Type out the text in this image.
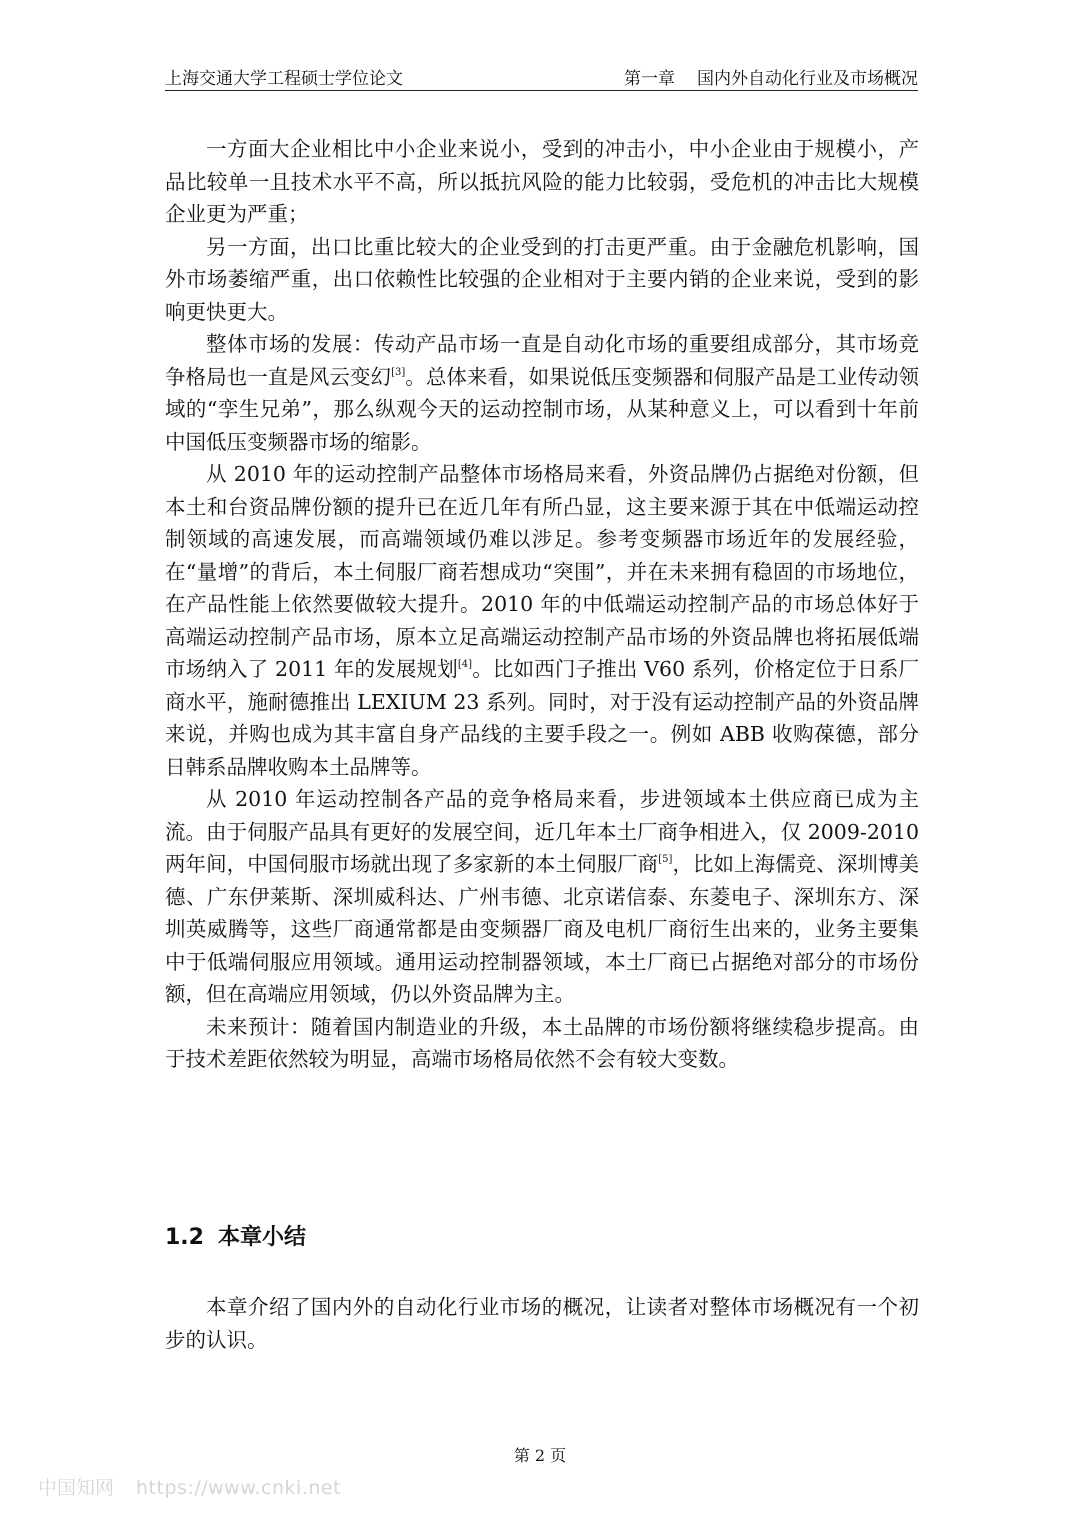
上海交通大学工程硕士学位论文	第一章 国内外自动化行业及市场概况

一方面大企业相比中小企业来说小，受到的冲击小，中小企业由于规模小，产品比较单一且技术水平不高，所以抵抗风险的能力比较弱，受危机的冲击比大规模企业更为严重；

另一方面，出口比重比较大的企业受到的打击更严重。由于金融危机影响，国外市场萎缩严重，出口依赖性比较强的企业相对于主要内销的企业来说，受到的影响更快更大。

整体市场的发展：传动产品市场一直是自动化市场的重要组成部分，其市场竞争格局也一直是风云变幻[3]。总体来看，如果说低压变频器和伺服产品是工业传动领域的“孪生兄弟”，那么纵观今天的运动控制市场，从某种意义上，可以看到十年前中国低压变频器市场的缩影。

从 2010 年的运动控制产品整体市场格局来看，外资品牌仍占据绝对份额，但本土和台资品牌份额的提升已在近几年有所凸显，这主要来源于其在中低端运动控制领域的高速发展，而高端领域仍难以涉足。参考变频器市场近年的发展经验，在“量增”的背后，本土伺服厂商若想成功“突围”，并在未来拥有稳固的市场地位，在产品性能上依然要做较大提升。2010 年的中低端运动控制产品的市场总体好于高端运动控制产品市场，原本立足高端运动控制产品市场的外资品牌也将拓展低端市场纳入了 2011 年的发展规划[4]。比如西门子推出 V60 系列，价格定位于日系厂商水平，施耐德推出 LEXIUM 23 系列。同时，对于没有运动控制产品的外资品牌来说，并购也成为其丰富自身产品线的主要手段之一。例如 ABB 收购葆德，部分日韩系品牌收购本土品牌等。

从 2010 年运动控制各产品的竞争格局来看，步进领域本土供应商已成为主流。由于伺服产品具有更好的发展空间，近几年本土厂商争相进入，仅 2009-2010 两年间，中国伺服市场就出现了多家新的本土伺服厂商[5]，比如上海儒竞、深圳博美德、广东伊莱斯、深圳威科达、广州韦德、北京诺信泰、东菱电子、深圳东方、深圳英威腾等，这些厂商通常都是由变频器厂商及电机厂商衍生出来的，业务主要集中于低端伺服应用领域。通用运动控制器领域，本土厂商已占据绝对部分的市场份额，但在高端应用领域，仍以外资品牌为主。

未来预计：随着国内制造业的升级，本土品牌的市场份额将继续稳步提高。由于技术差距依然较为明显，高端市场格局依然不会有较大变数。

1.2 本章小结

本章介绍了国内外的自动化行业市场的概况，让读者对整体市场概况有一个初步的认识。

第 2 页
中国知网 https://www.cnki.net
